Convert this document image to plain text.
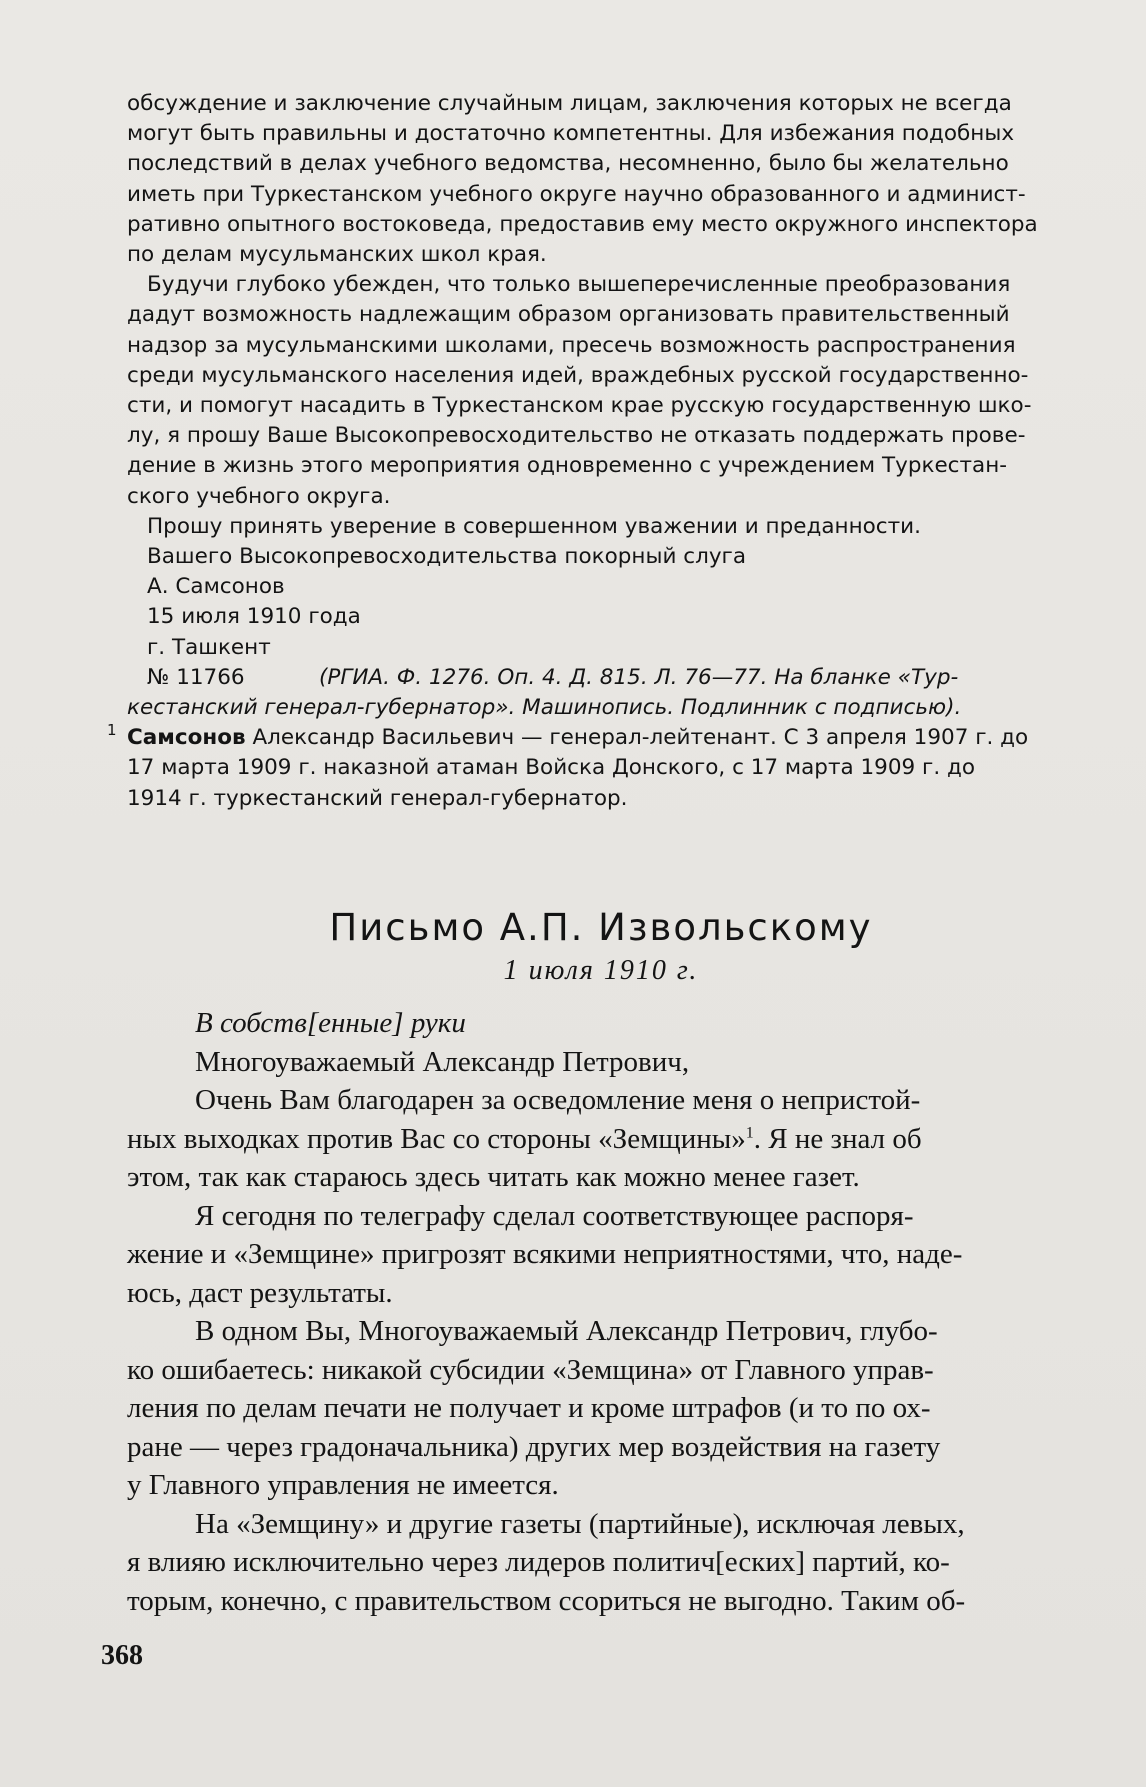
обсуждение и заключение случайным лицам, заключения которых не всегда
могут быть правильны и достаточно компетентны. Для избежания подобных
последствий в делах учебного ведомства, несомненно, было бы желательно
иметь при Туркестанском учебного округе научно образованного и админист-
ративно опытного востоковеда, предоставив ему место окружного инспектора
по делам мусульманских школ края.
Будучи глубоко убежден, что только вышеперечисленные преобразования
дадут возможность надлежащим образом организовать правительственный
надзор за мусульманскими школами, пресечь возможность распространения
среди мусульманского населения идей, враждебных русской государственно-
сти, и помогут насадить в Туркестанском крае русскую государственную шко-
лу, я прошу Ваше Высокопревосходительство не отказать поддержать прове-
дение в жизнь этого мероприятия одновременно с учреждением Туркестан-
ского учебного округа.
Прошу принять уверение в совершенном уважении и преданности.
Вашего Высокопревосходительства покорный слуга
А. Самсонов
15 июля 1910 года
г. Ташкент
№ 11766	(РГИА. Ф. 1276. Оп. 4. Д. 815. Л. 76—77. На бланке «Тур-
кестанский генерал-губернатор». Машинопись. Подлинник с подписью).
1 Самсонов Александр Васильевич — генерал-лейтенант. С 3 апреля 1907 г. до
17 марта 1909 г. наказной атаман Войска Донского, с 17 марта 1909 г. до
1914 г. туркестанский генерал-губернатор.
Письмо А.П. Извольскому
1 июля 1910 г.
В собств[енные] руки
Многоуважаемый Александр Петрович,
Очень Вам благодарен за осведомление меня о непристой-
ных выходках против Вас со стороны «Земщины»$^1$. Я не знал об
этом, так как стараюсь здесь читать как можно менее газет.
Я сегодня по телеграфу сделал соответствующее распоря-
жение и «Земщине» пригрозят всякими неприятностями, что, наде-
юсь, даст результаты.
В одном Вы, Многоуважаемый Александр Петрович, глубо-
ко ошибаетесь: никакой субсидии «Земщина» от Главного управ-
ления по делам печати не получает и кроме штрафов (и то по ох-
ране — через градоначальника) других мер воздействия на газету
у Главного управления не имеется.
На «Земщину» и другие газеты (партийные), исключая левых,
я влияю исключительно через лидеров политич[еских] партий, ко-
торым, конечно, с правительством ссориться не выгодно. Таким об-
368
